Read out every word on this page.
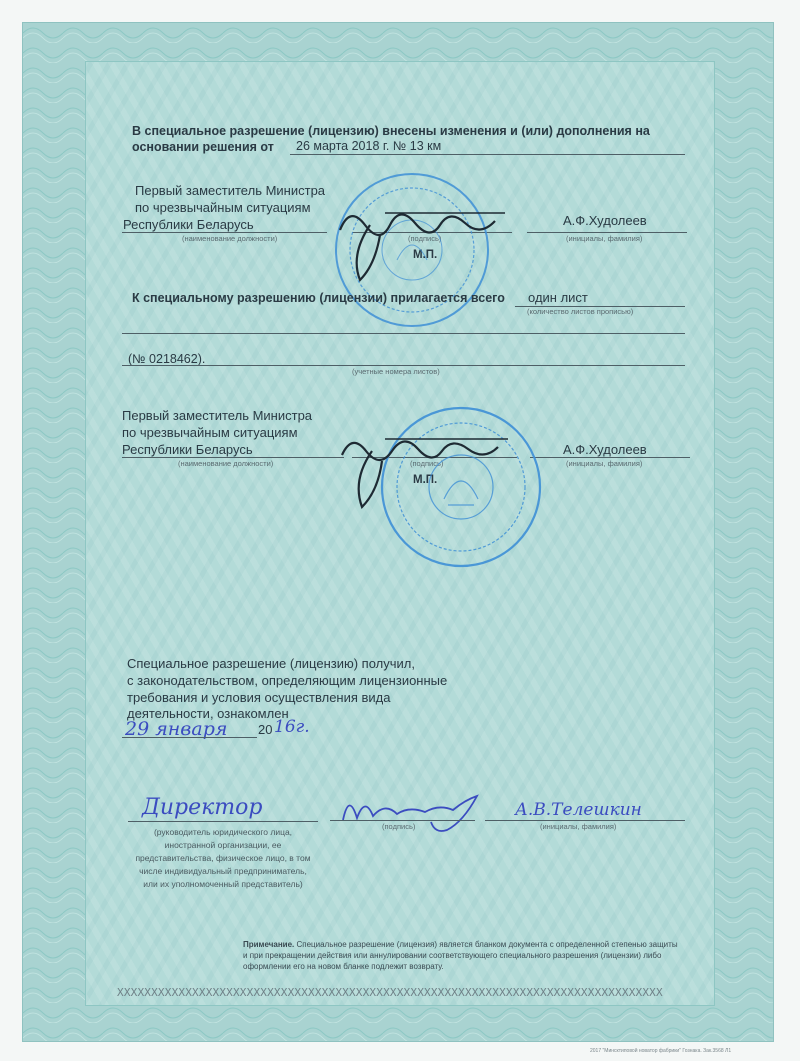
В специальное разрешение (лицензию) внесены изменения и (или) дополнения на
основании решения от 26 марта 2018 г. № 13 км
Первый заместитель Министра
по чрезвычайным ситуациям
Республики Беларусь
(наименование должности)	(подпись)
М.П.
А.Ф.Худолеев
(инициалы, фамилия)
К специальному разрешению (лицензии) прилагается всего один лист
(количество листов прописью)
(№ 0218462).
(учетные номера листов)
Первый заместитель Министра
по чрезвычайным ситуациям
Республики Беларусь
(наименование должности)	(подпись)
М.П.
А.Ф.Худолеев
(инициалы, фамилия)
Специальное разрешение (лицензию) получил,
с законодательством, определяющим лицензионные
требования и условия осуществления вида
деятельности, ознакомлен
29 января 20 16г.
Директор
(руководитель юридического лица,
иностранной организации, ее
представительства, физическое лицо, в том
числе индивидуальный предприниматель,
или их уполномоченный представитель)
(подпись)
А.В.Телешкин
(инициалы, фамилия)
Примечание. Специальное разрешение (лицензия) является бланком документа с определенной степенью защиты
и при прекращении действия или аннулировании соответствующего специального разрешения (лицензии) либо
оформлении его на новом бланке подлежит возврату.
XXXXXXXXXXXXXXXXXXXXXXXXXXXXXXXXXXXXXXXXXXXXXXXXXXXXXXXXXXXXXXXXXXXXXXXXXXXXXXXX
2017 "Минсктиповой новатор фабрики" Гознака. Зак.3568 Л1
